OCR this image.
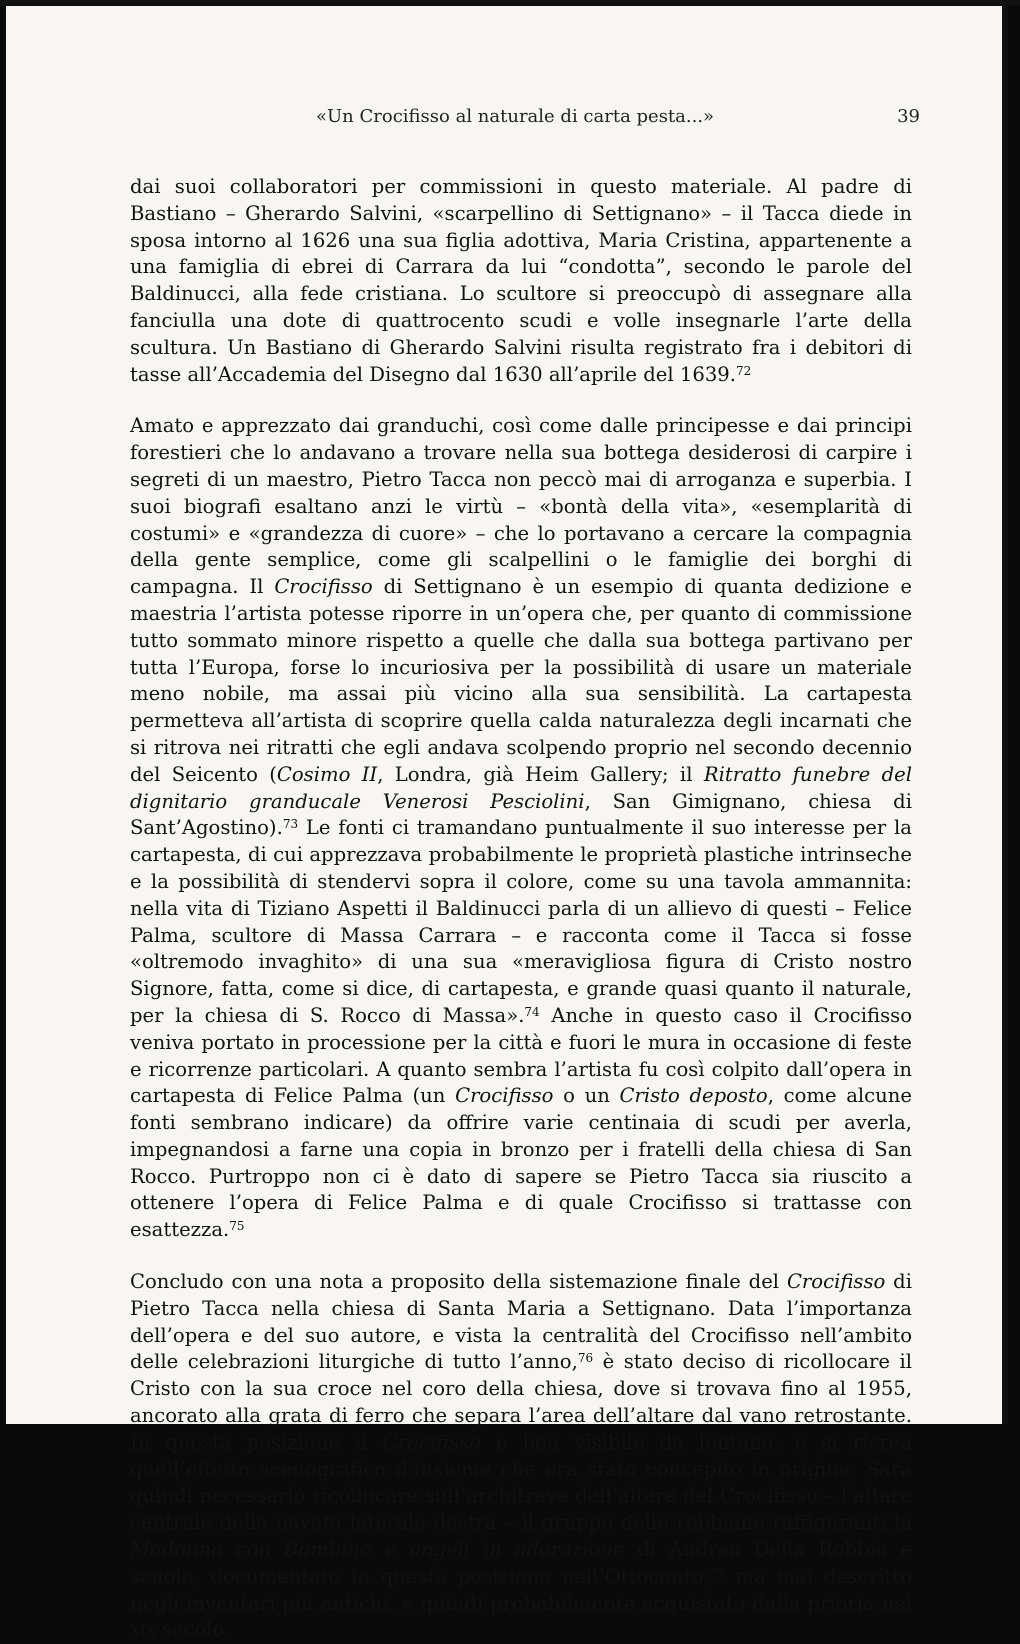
«Un Crocifisso al naturale di carta pesta...»	39

dai suoi collaboratori per commissioni in questo materiale. Al padre di Bastiano – Gherardo Salvini, «scarpellino di Settignano» – il Tacca diede in sposa intorno al 1626 una sua figlia adottiva, Maria Cristina, appartenente a una famiglia di ebrei di Carrara da lui “condotta”, secondo le parole del Baldinucci, alla fede cristiana. Lo scultore si preoccupò di assegnare alla fanciulla una dote di quattrocento scudi e volle insegnarle l’arte della scultura. Un Bastiano di Gherardo Salvini risulta registrato fra i debitori di tasse all’Accademia del Disegno dal 1630 all’aprile del 1639.72

Amato e apprezzato dai granduchi, così come dalle principesse e dai principi forestieri che lo andavano a trovare nella sua bottega desiderosi di carpire i segreti di un maestro, Pietro Tacca non peccò mai di arroganza e superbia. I suoi biografi esaltano anzi le virtù – «bontà della vita», «esemplarità di costumi» e «grandezza di cuore» – che lo portavano a cercare la compagnia della gente semplice, come gli scalpellini o le famiglie dei borghi di campagna. Il Crocifisso di Settignano è un esempio di quanta dedizione e maestria l’artista potesse riporre in un’opera che, per quanto di commissione tutto sommato minore rispetto a quelle che dalla sua bottega partivano per tutta l’Europa, forse lo incuriosiva per la possibilità di usare un materiale meno nobile, ma assai più vicino alla sua sensibilità. La cartapesta permetteva all’artista di scoprire quella calda naturalezza degli incarnati che si ritrova nei ritratti che egli andava scolpendo proprio nel secondo decennio del Seicento (Cosimo II, Londra, già Heim Gallery; il Ritratto funebre del dignitario granducale Venerosi Pesciolini, San Gimignano, chiesa di Sant’Agostino).$^{73}$ Le fonti ci tramandano puntualmente il suo interesse per la cartapesta, di cui apprezzava probabilmente le proprietà plastiche intrinseche e la possibilità di stendervi sopra il colore, come su una tavola ammannita: nella vita di Tiziano Aspetti il Baldinucci parla di un allievo di questi – Felice Palma, scultore di Massa Carrara – e racconta come il Tacca si fosse «oltremodo invaghito» di una sua «meravigliosa figura di Cristo nostro Signore, fatta, come si dice, di cartapesta, e grande quasi quanto il naturale, per la chiesa di S. Rocco di Massa».$^{74}$ Anche in questo caso il Crocifisso veniva portato in processione per la città e fuori le mura in occasione di feste e ricorrenze particolari. A quanto sembra l’artista fu così colpito dall’opera in cartapesta di Felice Palma (un Crocifisso o un Cristo deposto, come alcune fonti sembrano indicare) da offrire varie centinaia di scudi per averla, impegnandosi a farne una copia in bronzo per i fratelli della chiesa di San Rocco. Purtroppo non ci è dato di sapere se Pietro Tacca sia riuscito a ottenere l’opera di Felice Palma e di quale Crocifisso si trattasse con esattezza.$^{75}$

Concludo con una nota a proposito della sistemazione finale del Crocifisso di Pietro Tacca nella chiesa di Santa Maria a Settignano. Data l’importanza dell’opera e del suo autore, e vista la centralità del Crocifisso nell’ambito delle celebrazioni liturgiche di tutto l’anno,$^{76}$ è stato deciso di ricollocare il Cristo con la sua croce nel coro della chiesa, dove si trovava fino al 1955, ancorato alla grata di ferro che separa l’area dell’altare dal vano retrostante. In questa posizione il Crocifisso è ben visibile da lontano, e si ricrea quell’effetto scenografico d’insieme che era stato concepito in origine. Sarà quindi necessario ricollocare sull’architrave dell’altare del Crocifisso – l’altare centrale della navata laterale destra – il gruppo delle robbiane raffiguranti la Madonna con Bambino e angeli in adorazione di Andrea Della Robbia e scuola, documentato in questa posizione nell’Ottocento,$^{77}$ ma mai descritto negli inventari più antichi, e quindi probabilmente acquistato dalla prioria nel xix secolo.
